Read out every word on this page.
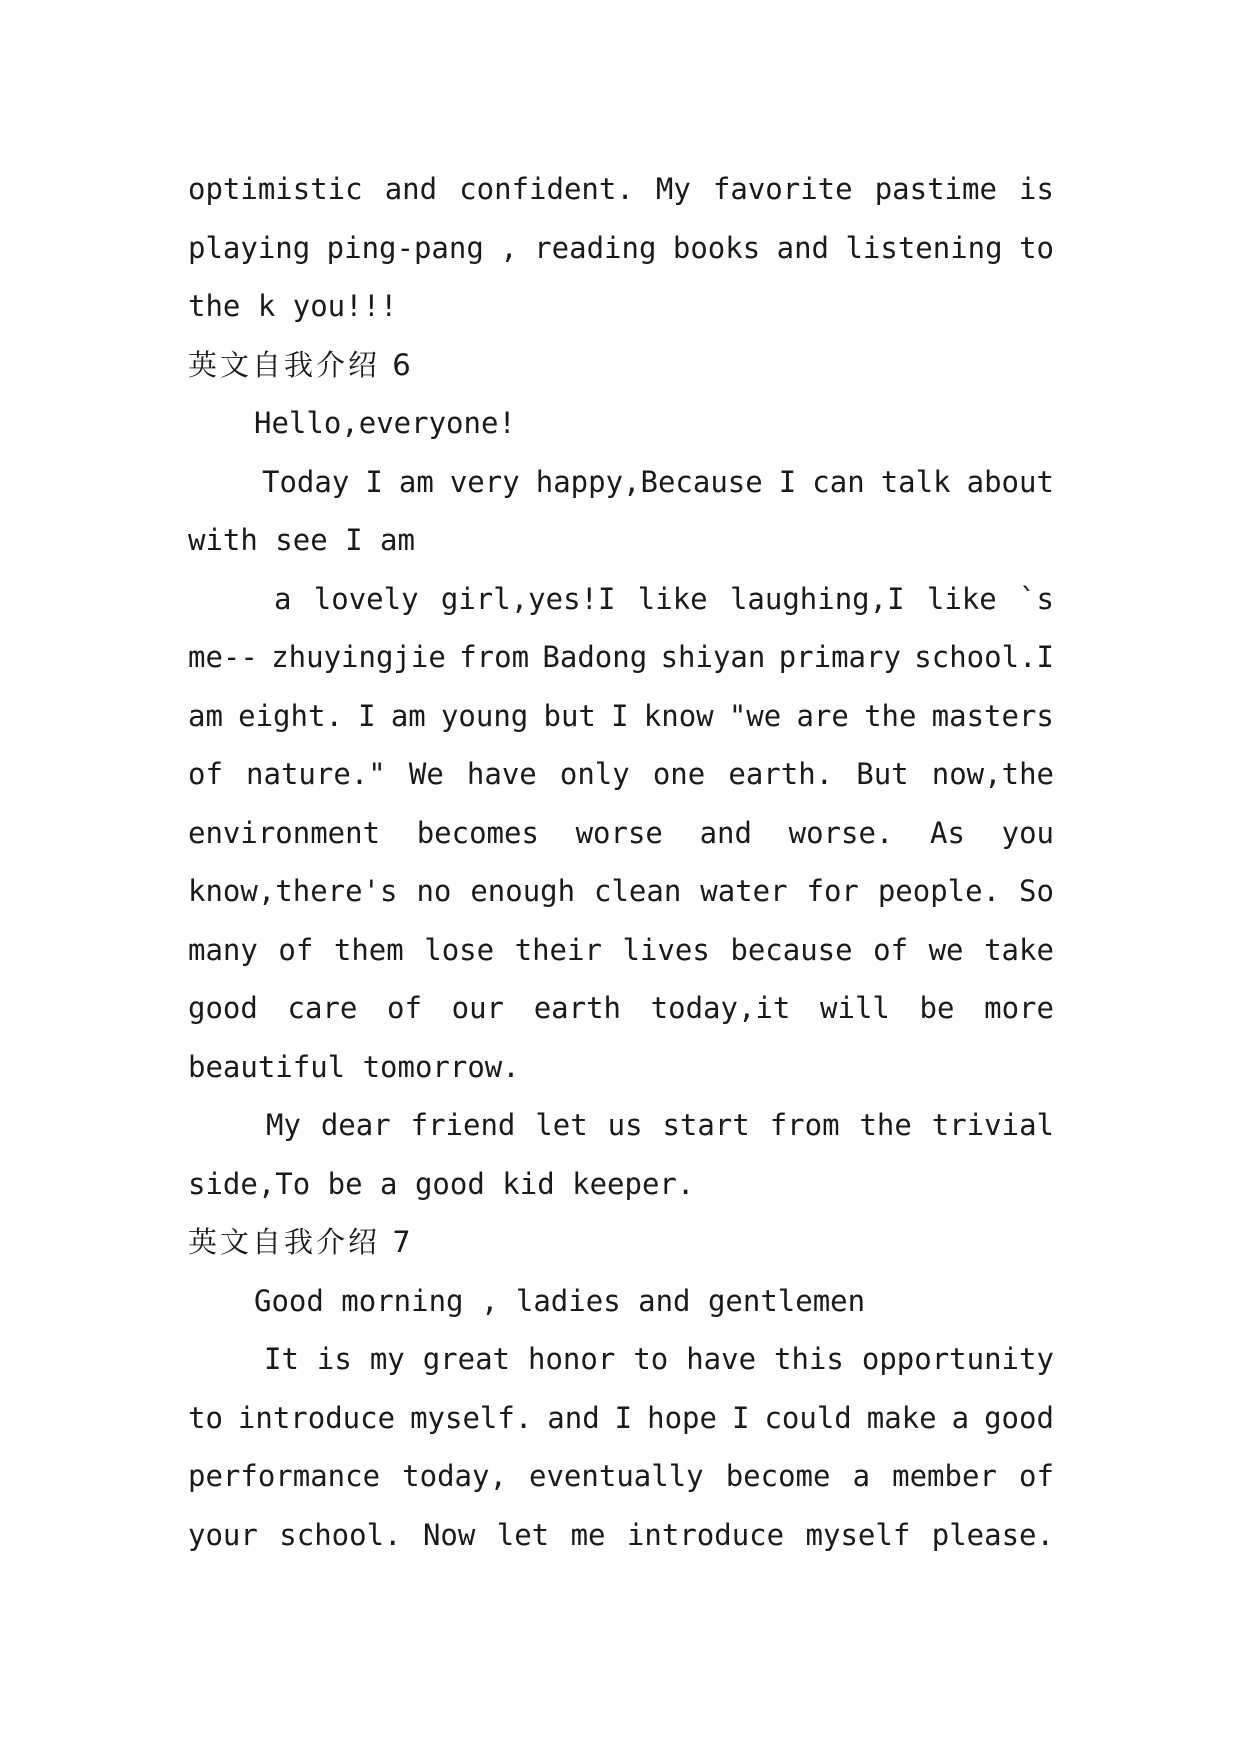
optimistic and confident. My favorite pastime is
playing ping-pang , reading books and listening to
the k you!!!
英文自我介绍 6
Hello,everyone!
Today I am very happy,Because I can talk about
with see I am
a lovely girl,yes!I like laughing,I like `s
me-- zhuyingjie from Badong shiyan primary school.I
am eight. I am young but I know "we are the masters
of nature." We have only one earth. But now,the
environment becomes worse and worse. As you
know,there's no enough clean water for people. So
many of them lose their lives because of we take
good care of our earth today,it will be more
beautiful tomorrow.
My dear friend let us start from the trivial
side,To be a good kid keeper.
英文自我介绍 7
Good morning , ladies and gentlemen
It is my great honor to have this opportunity
to introduce myself. and I hope I could make a good
performance today, eventually become a member of
your school. Now let me introduce myself please.
